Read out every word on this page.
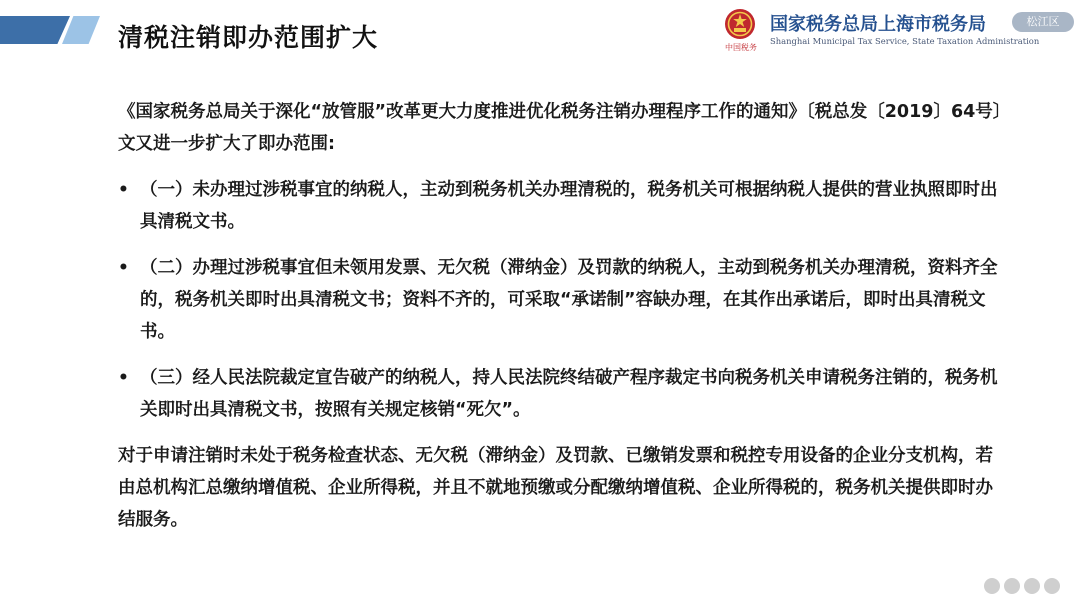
清税注销即办范围扩大	中国税务
国家税务总局上海市税务局
Shanghai Municipal Tax Service, State Taxation Administration
松江区

《国家税务总局关于深化“放管服”改革更大力度推进优化税务注销办理程序工作的通知》〔税总发〔2019〕64号〕文又进一步扩大了即办范围:

• （一）未办理过涉税事宜的纳税人，主动到税务机关办理清税的，税务机关可根据纳税人提供的营业执照即时出具清税文书。

• （二）办理过涉税事宜但未领用发票、无欠税（滞纳金）及罚款的纳税人，主动到税务机关办理清税，资料齐全的，税务机关即时出具清税文书；资料不齐的，可采取“承诺制”容缺办理，在其作出承诺后，即时出具清税文书。

• （三）经人民法院裁定宣告破产的纳税人，持人民法院终结破产程序裁定书向税务机关申请税务注销的，税务机关即时出具清税文书，按照有关规定核销“死欠”。

对于申请注销时未处于税务检查状态、无欠税（滞纳金）及罚款、已缴销发票和税控专用设备的企业分支机构，若由总机构汇总缴纳增值税、企业所得税，并且不就地预缴或分配缴纳增值税、企业所得税的，税务机关提供即时办结服务。
